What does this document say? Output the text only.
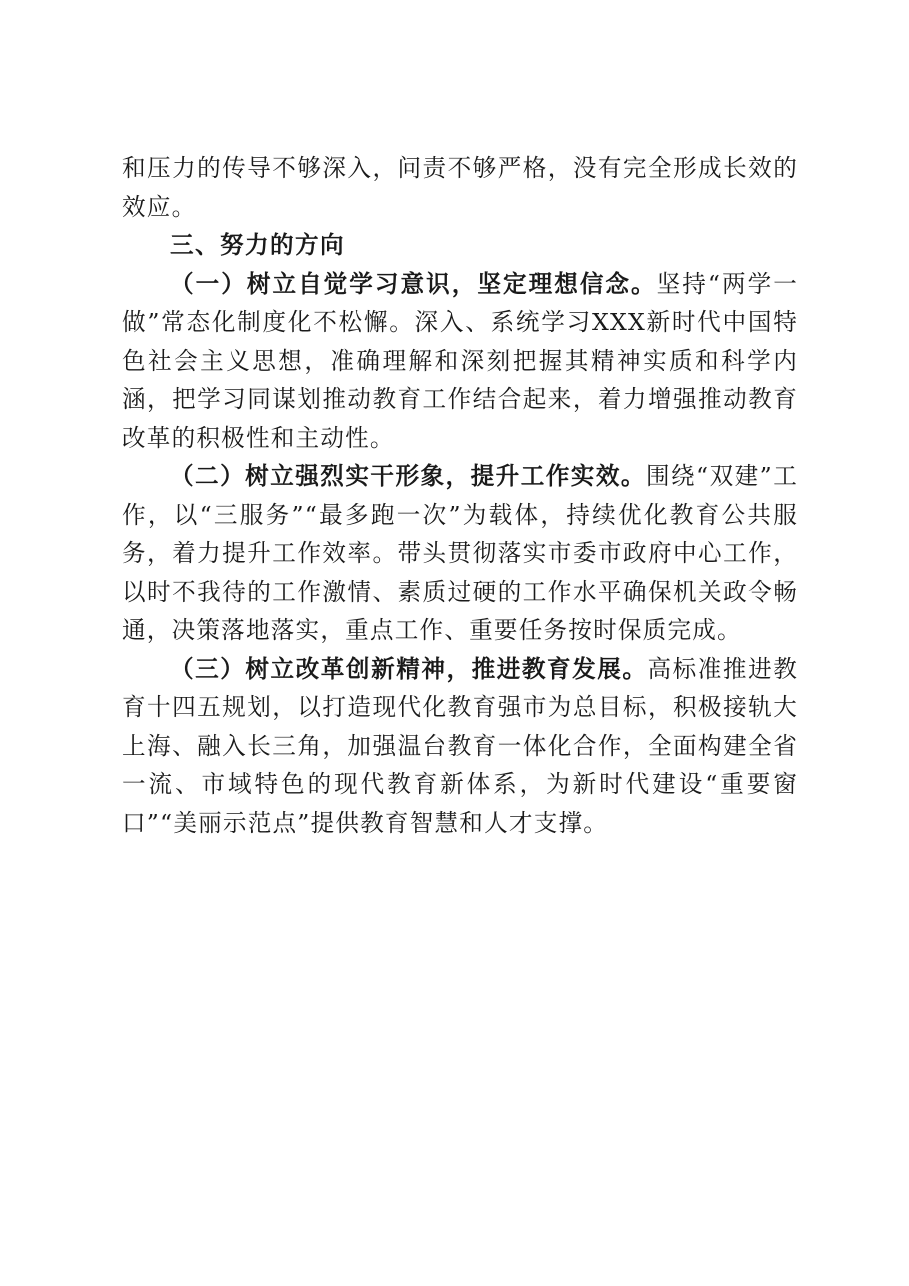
和压力的传导不够深入，问责不够严格，没有完全形成长效的效应。

三、努力的方向

（一）树立自觉学习意识，坚定理想信念。坚持“两学一做”常态化制度化不松懈。深入、系统学习XXX新时代中国特色社会主义思想，准确理解和深刻把握其精神实质和科学内涵，把学习同谋划推动教育工作结合起来，着力增强推动教育改革的积极性和主动性。

（二）树立强烈实干形象，提升工作实效。围绕“双建”工作，以“三服务”“最多跑一次”为载体，持续优化教育公共服务，着力提升工作效率。带头贯彻落实市委市政府中心工作，以时不我待的工作激情、素质过硬的工作水平确保机关政令畅通，决策落地落实，重点工作、重要任务按时保质完成。

（三）树立改革创新精神，推进教育发展。高标准推进教育十四五规划，以打造现代化教育强市为总目标，积极接轨大上海、融入长三角，加强温台教育一体化合作，全面构建全省一流、市域特色的现代教育新体系，为新时代建设“重要窗口”“美丽示范点”提供教育智慧和人才支撑。
